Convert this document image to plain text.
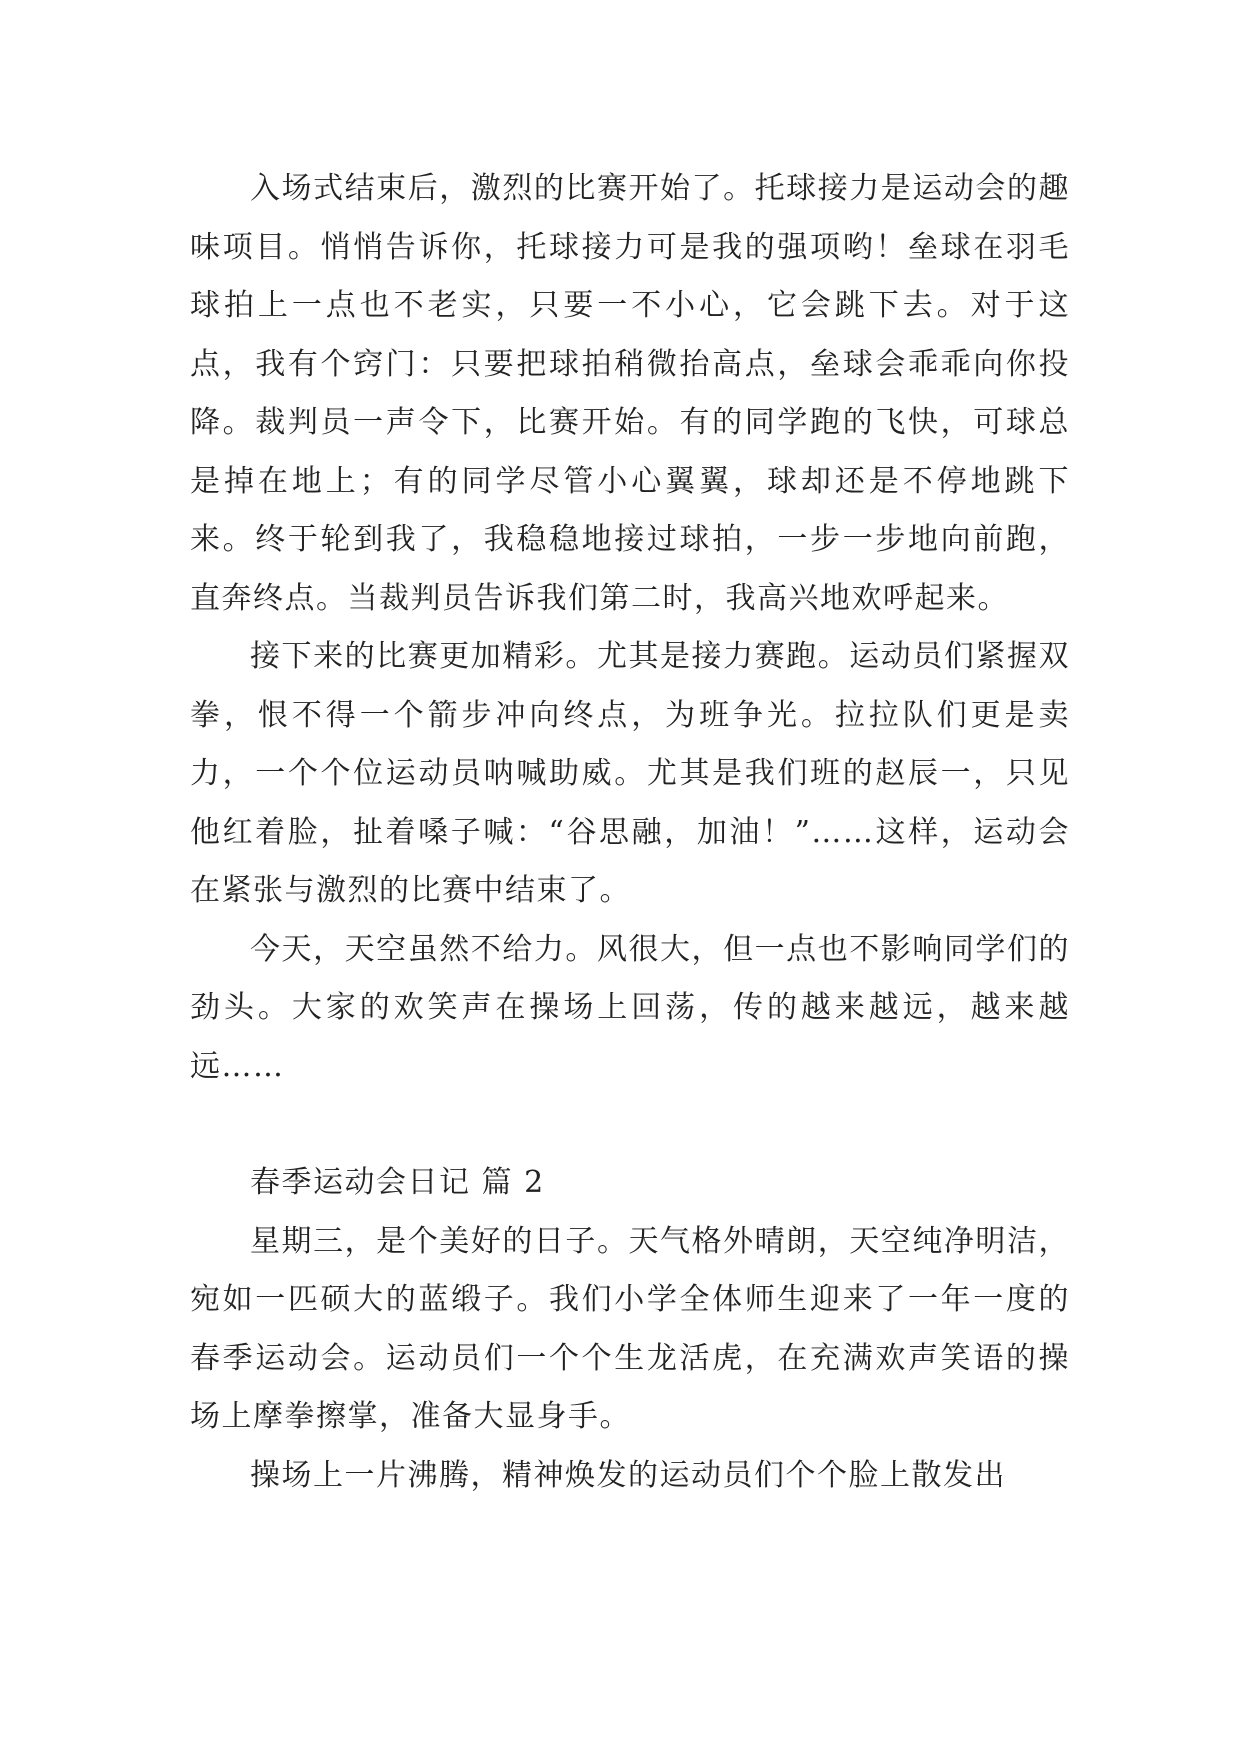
入场式结束后，激烈的比赛开始了。托球接力是运动会的趣味项目。悄悄告诉你，托球接力可是我的强项哟！垒球在羽毛球拍上一点也不老实，只要一不小心，它会跳下去。对于这点，我有个窍门：只要把球拍稍微抬高点，垒球会乖乖向你投降。裁判员一声令下，比赛开始。有的同学跑的飞快，可球总是掉在地上；有的同学尽管小心翼翼，球却还是不停地跳下来。终于轮到我了，我稳稳地接过球拍，一步一步地向前跑，直奔终点。当裁判员告诉我们第二时，我高兴地欢呼起来。

接下来的比赛更加精彩。尤其是接力赛跑。运动员们紧握双拳，恨不得一个箭步冲向终点，为班争光。拉拉队们更是卖力，一个个位运动员呐喊助威。尤其是我们班的赵辰一，只见他红着脸，扯着嗓子喊：“谷思融，加油！”……这样，运动会在紧张与激烈的比赛中结束了。

今天，天空虽然不给力。风很大，但一点也不影响同学们的劲头。大家的欢笑声在操场上回荡，传的越来越远，越来越远……

春季运动会日记 篇 2

星期三，是个美好的日子。天气格外晴朗，天空纯净明洁，宛如一匹硕大的蓝缎子。我们小学全体师生迎来了一年一度的春季运动会。运动员们一个个生龙活虎，在充满欢声笑语的操场上摩拳擦掌，准备大显身手。

操场上一片沸腾，精神焕发的运动员们个个脸上散发出
